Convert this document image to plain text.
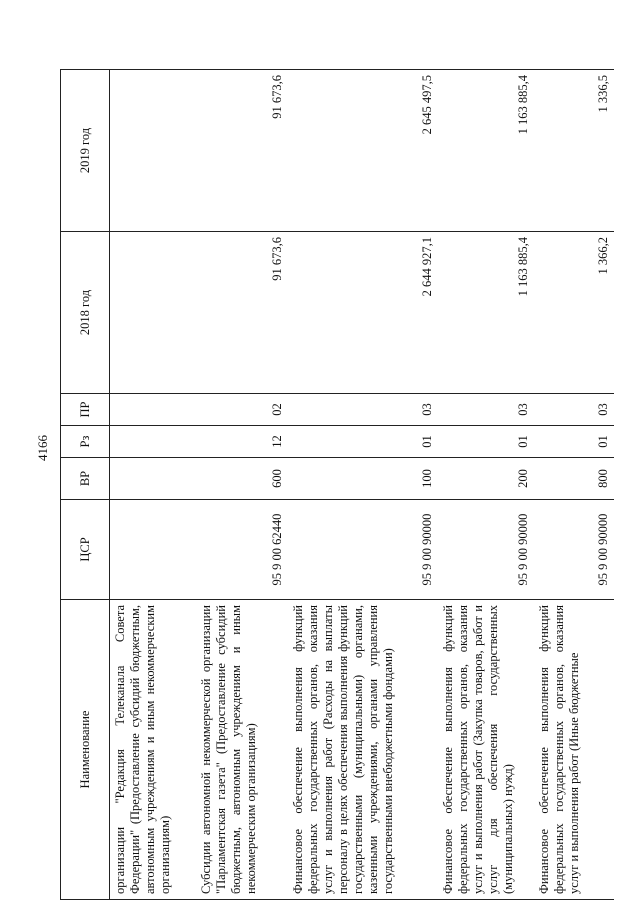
4166
Наименование	ЦСР	ВР	Рз	ПР	2018 год	2019 год
организации "Редакция Телеканала Совета Федерации" (Предоставление субсидий бюджетным, автономным учреждениям и иным некоммерческим организациям)						
Субсидии автономной некоммерческой организации "Парламентская газета" (Предоставление субсидий бюджетным, автономным учреждениям и иным некоммерческим организациям)	95 9 00 62440	600	12	02	91 673,6	91 673,6
Финансовое обеспечение выполнения функций федеральных государственных органов, оказания услуг и выполнения работ (Расходы на выплаты персоналу в целях обеспечения выполнения функций государственными (муниципальными) органами, казенными учреждениями, органами управления государственными внебюджетными фондами)	95 9 00 90000	100	01	03	2 644 927,1	2 645 497,5
Финансовое обеспечение выполнения функций федеральных государственных органов, оказания услуг и выполнения работ (Закупка товаров, работ и услуг для обеспечения государственных (муниципальных) нужд)	95 9 00 90000	200	01	03	1 163 885,4	1 163 885,4
Финансовое обеспечение выполнения функций федеральных государственных органов, оказания услуг и выполнения работ (Иные бюджетные	95 9 00 90000	800	01	03	1 366,2	1 336,5
